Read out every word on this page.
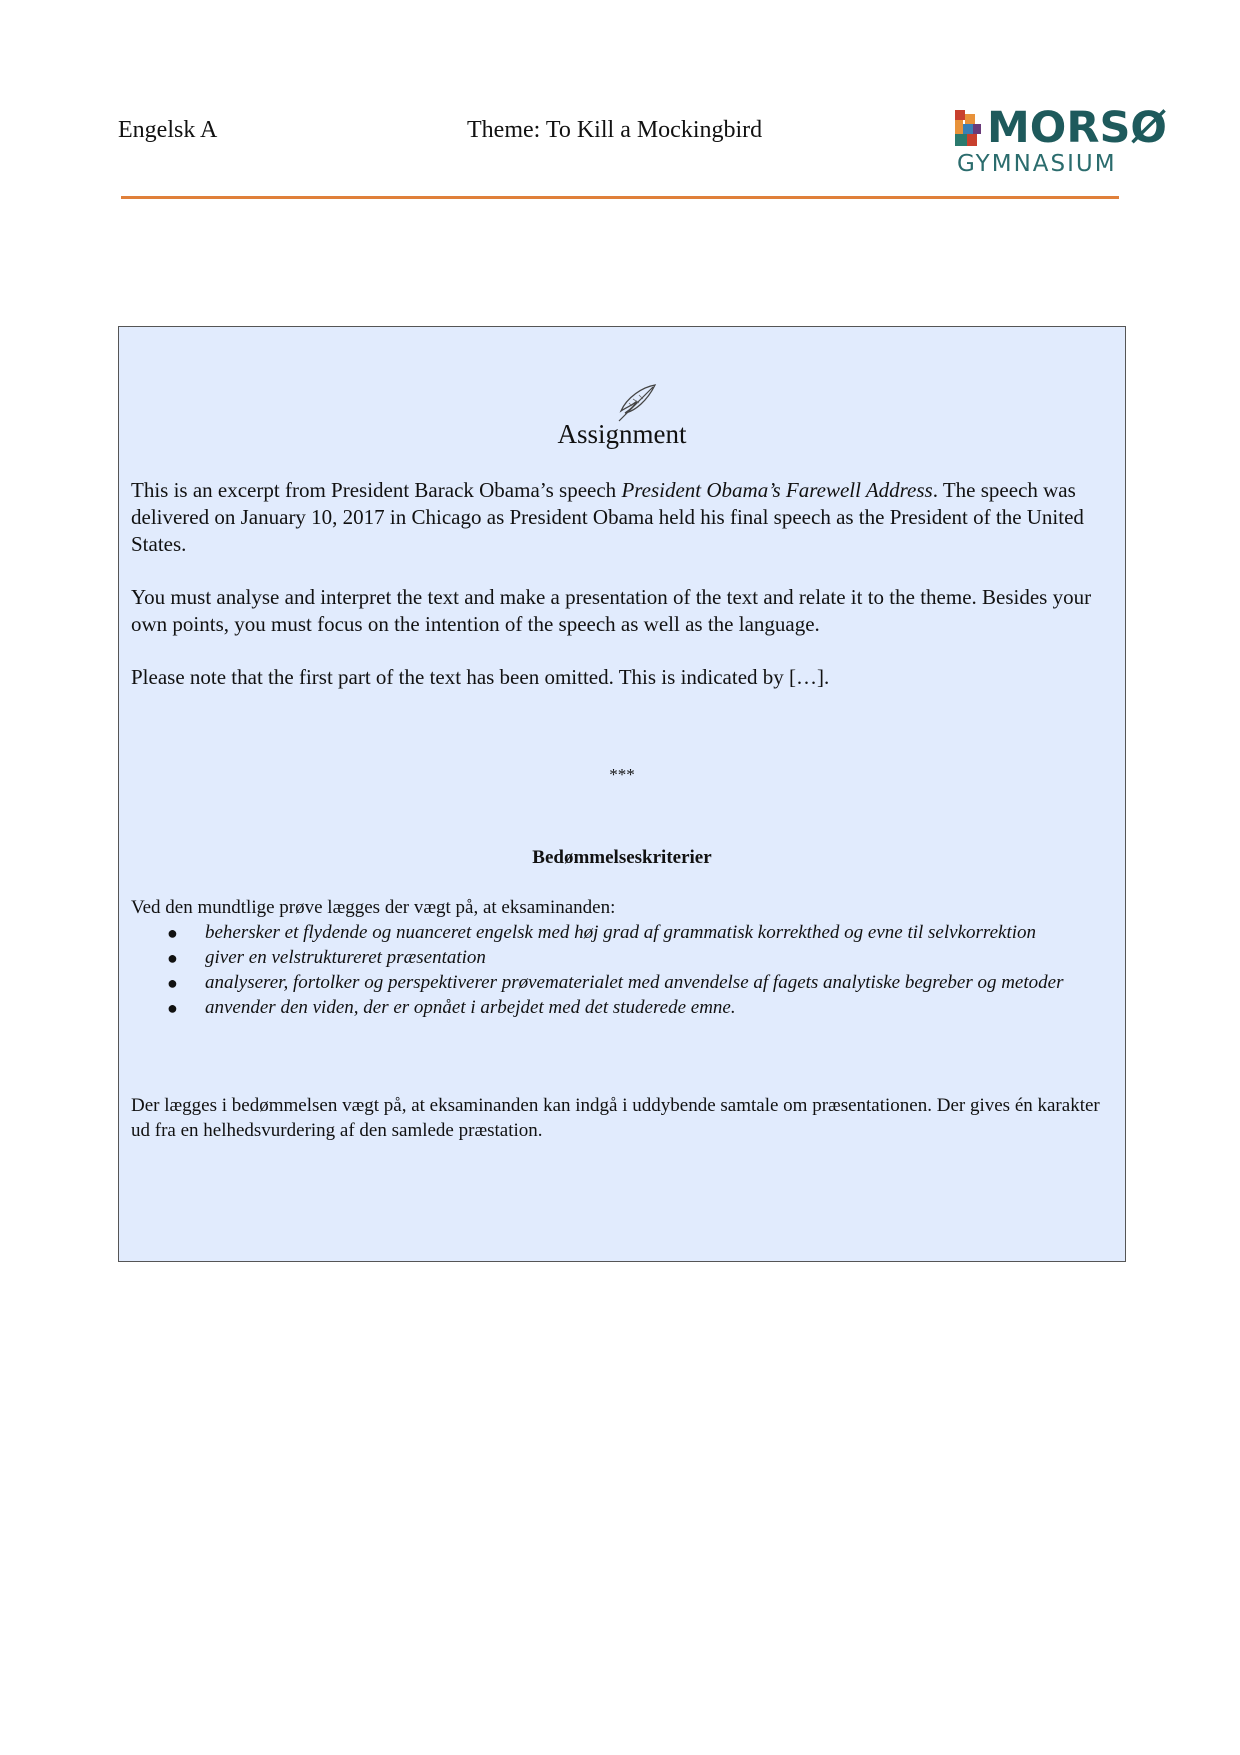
Engelsk A	Theme: To Kill a Mockingbird	MORSØ
GYMNASIUM
Assignment
This is an excerpt from President Barack Obama’s speech President Obama’s Farewell Address. The speech was delivered on January 10, 2017 in Chicago as President Obama held his final speech as the President of the United States.
You must analyse and interpret the text and make a presentation of the text and relate it to the theme. Besides your own points, you must focus on the intention of the speech as well as the language.
Please note that the first part of the text has been omitted. This is indicated by […].
***
Bedømmelseskriterier
Ved den mundtlige prøve lægges der vægt på, at eksaminanden:
● behersker et flydende og nuanceret engelsk med høj grad af grammatisk korrekthed og evne til selvkorrektion
● giver en velstruktureret præsentation
● analyserer, fortolker og perspektiverer prøvematerialet med anvendelse af fagets analytiske begreber og metoder
● anvender den viden, der er opnået i arbejdet med det studerede emne.
Der lægges i bedømmelsen vægt på, at eksaminanden kan indgå i uddybende samtale om præsentationen. Der gives én karakter ud fra en helhedsvurdering af den samlede præstation.
